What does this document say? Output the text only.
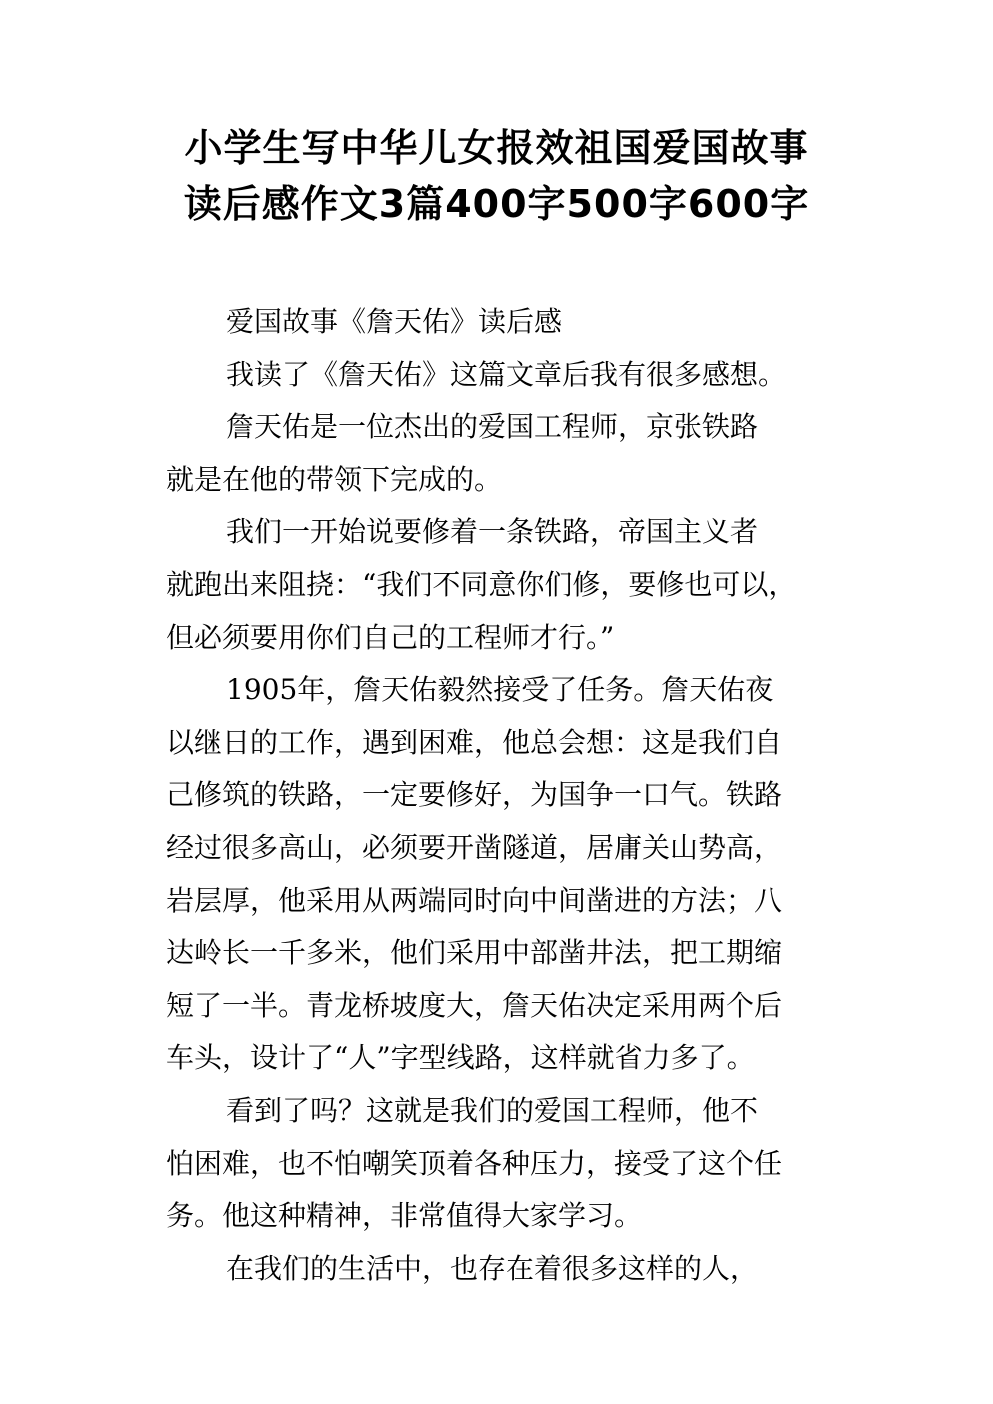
小学生写中华儿女报效祖国爱国故事
读后感作文3篇400字500字600字
爱国故事《詹天佑》读后感
我读了《詹天佑》这篇文章后我有很多感想。
詹天佑是一位杰出的爱国工程师，京张铁路
就是在他的带领下完成的。
我们一开始说要修着一条铁路，帝国主义者
就跑出来阻挠：“我们不同意你们修，要修也可以，
但必须要用你们自己的工程师才行。”
1905年，詹天佑毅然接受了任务。詹天佑夜
以继日的工作，遇到困难，他总会想：这是我们自
己修筑的铁路，一定要修好，为国争一口气。铁路
经过很多高山，必须要开凿隧道，居庸关山势高，
岩层厚，他采用从两端同时向中间凿进的方法；八
达岭长一千多米，他们采用中部凿井法，把工期缩
短了一半。青龙桥坡度大，詹天佑决定采用两个后
车头，设计了“人”字型线路，这样就省力多了。
看到了吗？这就是我们的爱国工程师，他不
怕困难，也不怕嘲笑顶着各种压力，接受了这个任
务。他这种精神，非常值得大家学习。
在我们的生活中，也存在着很多这样的人，
